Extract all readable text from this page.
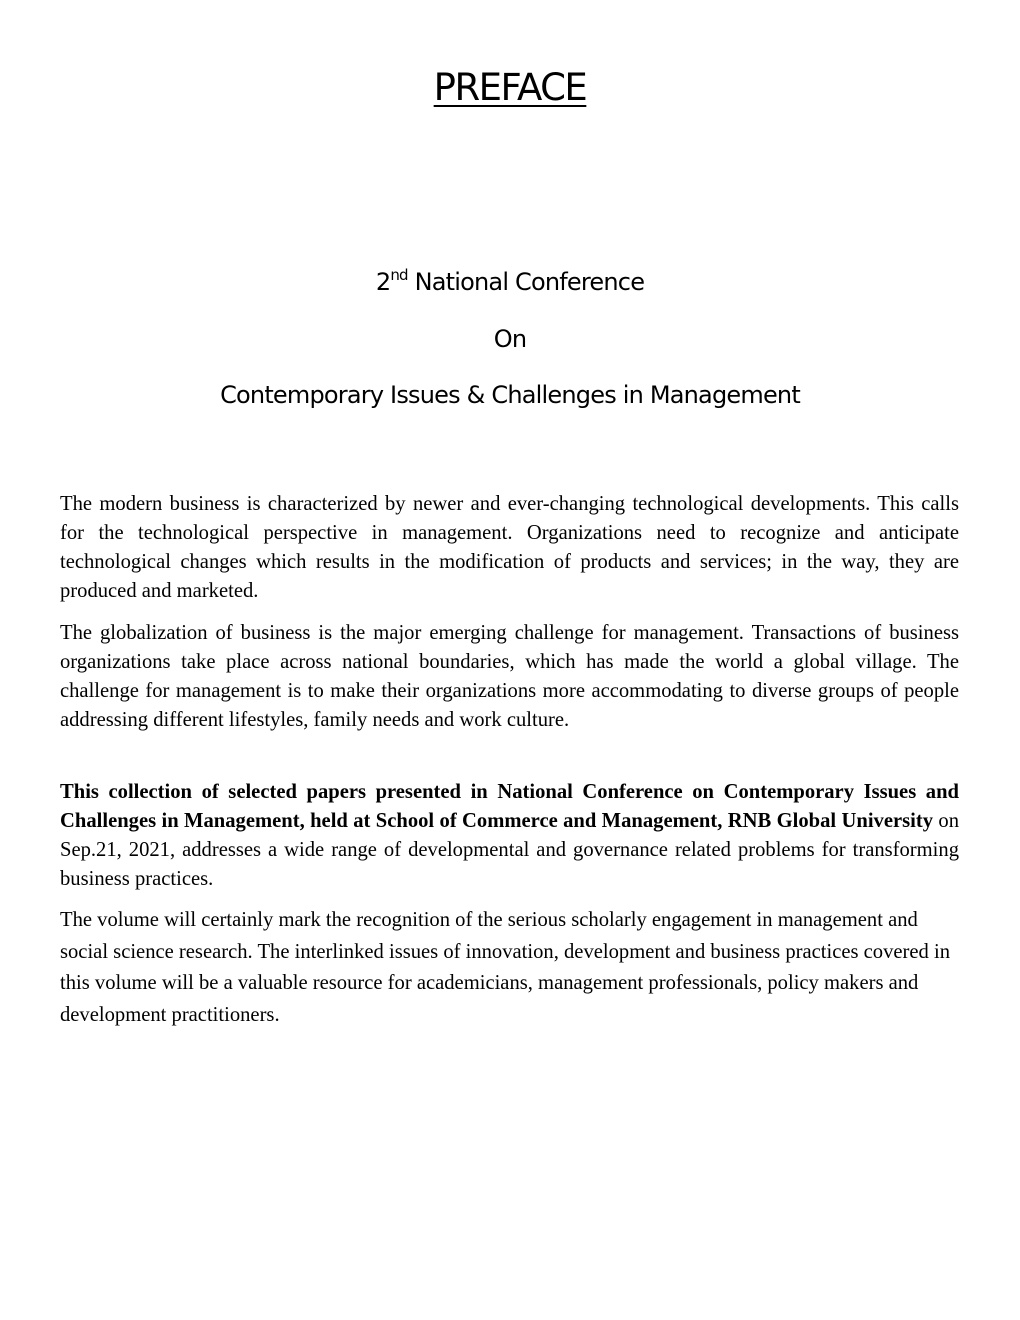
PREFACE
2nd National Conference
On
Contemporary Issues & Challenges in Management

The modern business is characterized by newer and ever-changing technological developments. This calls for the technological perspective in management. Organizations need to recognize and anticipate technological changes which results in the modification of products and services; in the way, they are produced and marketed.

The globalization of business is the major emerging challenge for management. Transactions of business organizations take place across national boundaries, which has made the world a global village. The challenge for management is to make their organizations more accommodating to diverse groups of people addressing different lifestyles, family needs and work culture.

This collection of selected papers presented in National Conference on Contemporary Issues and Challenges in Management, held at School of Commerce and Management, RNB Global University on Sep.21, 2021, addresses a wide range of developmental and governance related problems for transforming business practices.

The volume will certainly mark the recognition of the serious scholarly engagement in management and social science research. The interlinked issues of innovation, development and business practices covered in this volume will be a valuable resource for academicians, management professionals, policy makers and development practitioners.
